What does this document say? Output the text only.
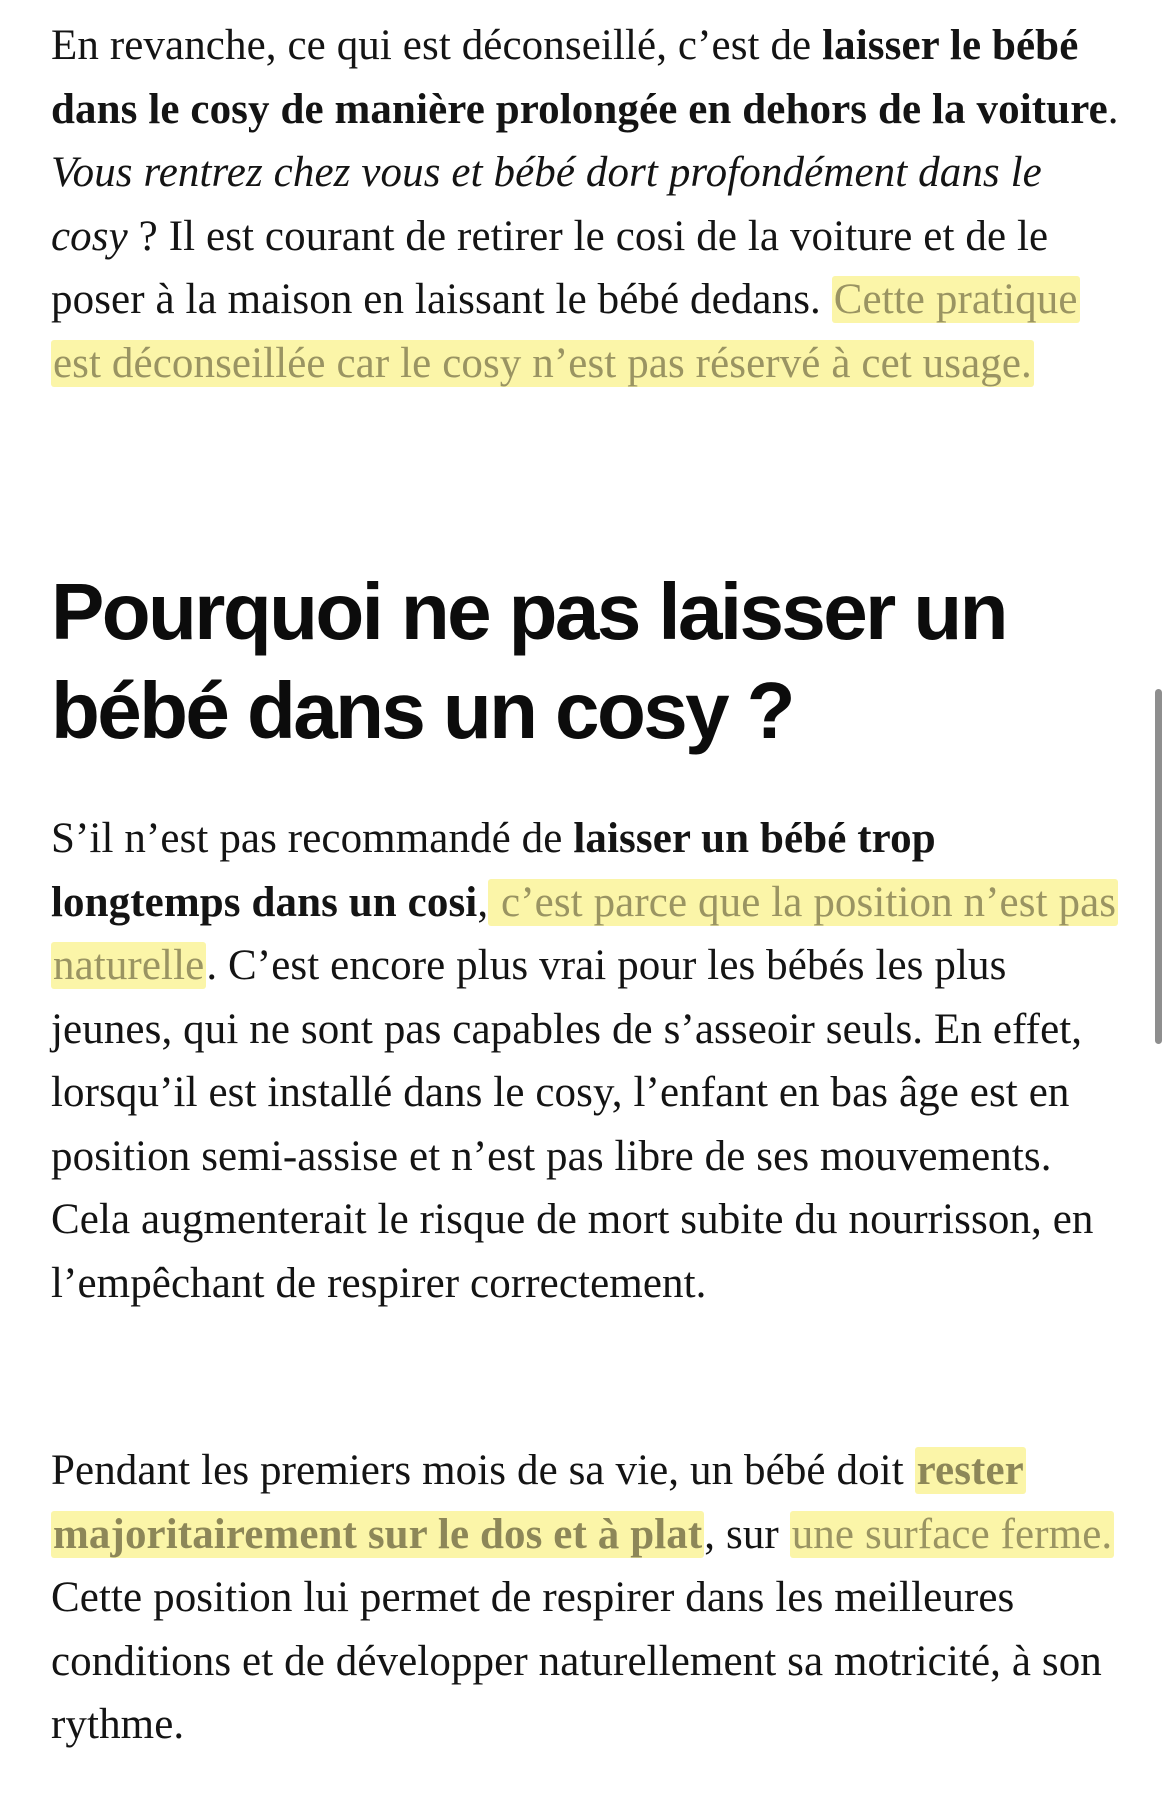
En revanche, ce qui est déconseillé, c’est de laisser le bébé dans le cosy de manière prolongée en dehors de la voiture. Vous rentrez chez vous et bébé dort profondément dans le cosy ? Il est courant de retirer le cosi de la voiture et de le poser à la maison en laissant le bébé dedans. Cette pratique est déconseillée car le cosy n’est pas réservé à cet usage.

Pourquoi ne pas laisser un bébé dans un cosy ?

S’il n’est pas recommandé de laisser un bébé trop longtemps dans un cosi, c’est parce que la position n’est pas naturelle. C’est encore plus vrai pour les bébés les plus jeunes, qui ne sont pas capables de s’asseoir seuls. En effet, lorsqu’il est installé dans le cosy, l’enfant en bas âge est en position semi-assise et n’est pas libre de ses mouvements. Cela augmenterait le risque de mort subite du nourrisson, en l’empêchant de respirer correctement.

Pendant les premiers mois de sa vie, un bébé doit rester majoritairement sur le dos et à plat, sur une surface ferme. Cette position lui permet de respirer dans les meilleures conditions et de développer naturellement sa motricité, à son rythme.
